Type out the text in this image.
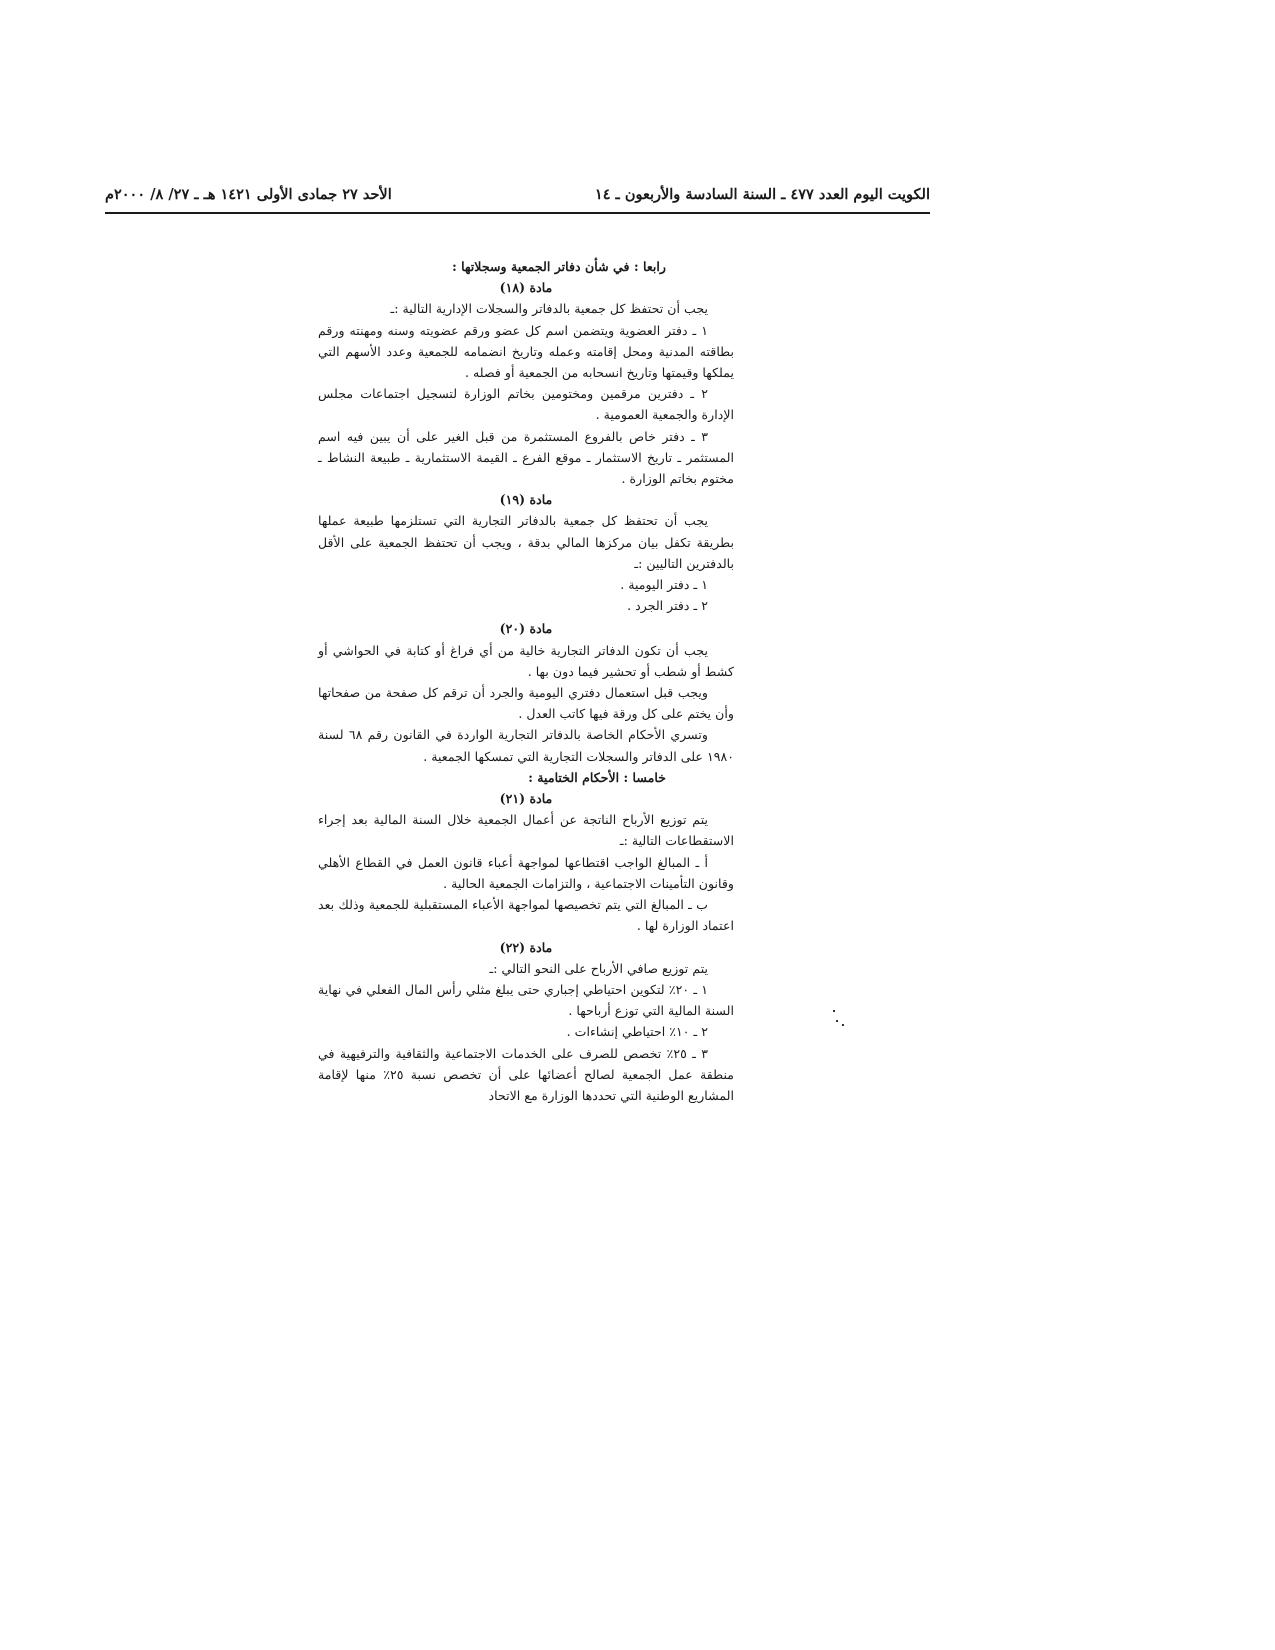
الكويت اليوم العدد ٤٧٧ ـ السنة السادسة والأربعون ـ ١٤
الأحد ٢٧ جمادى الأولى ١٤٢١ هـ ـ ٢٧/ ٨/ ٢٠٠٠م

رابعا : في شأن دفاتر الجمعية وسجلاتها :

مادة (١٨)

يجب أن تحتفظ كل جمعية بالدفاتر والسجلات الإدارية التالية :ـ

١ ـ دفتر العضوية ويتضمن اسم كل عضو ورقم عضويته وسنه ومهنته ورقم بطاقته المدنية ومحل إقامته وعمله وتاريخ انضمامه للجمعية وعدد الأسهم التي يملكها وقيمتها وتاريخ انسحابه من الجمعية أو فصله .

٢ ـ دفترين مرقمين ومختومين بخاتم الوزارة لتسجيل اجتماعات مجلس الإدارة والجمعية العمومية .

٣ ـ دفتر خاص بالفروع المستثمرة من قبل الغير على أن يبين فيه اسم المستثمر ـ تاريخ الاستثمار ـ موقع الفرع ـ القيمة الاستثمارية ـ طبيعة النشاط ـ مختوم بخاتم الوزارة .

مادة (١٩)

يجب أن تحتفظ كل جمعية بالدفاتر التجارية التي تستلزمها طبيعة عملها بطريقة تكفل بيان مركزها المالي بدقة ، ويجب أن تحتفظ الجمعية على الأقل بالدفترين التاليين :ـ

١ ـ دفتر اليومية .

٢ ـ دفتر الجرد .

مادة (٢٠)

يجب أن تكون الدفاتر التجارية خالية من أي فراغ أو كتابة في الحواشي أو كشط أو شطب أو تحشير فيما دون بها .

ويجب قبل استعمال دفتري اليومية والجرد أن ترقم كل صفحة من صفحاتها وأن يختم على كل ورقة فيها كاتب العدل .

وتسري الأحكام الخاصة بالدفاتر التجارية الواردة في القانون رقم ٦٨ لسنة ١٩٨٠ على الدفاتر والسجلات التجارية التي تمسكها الجمعية .

خامسا : الأحكام الختامية :

مادة (٢١)

يتم توزيع الأرباح الناتجة عن أعمال الجمعية خلال السنة المالية بعد إجراء الاستقطاعات التالية :ـ

أ ـ المبالغ الواجب اقتطاعها لمواجهة أعباء قانون العمل في القطاع الأهلي وقانون التأمينات الاجتماعية ، والتزامات الجمعية الحالية .

ب ـ المبالغ التي يتم تخصيصها لمواجهة الأعباء المستقبلية للجمعية وذلك بعد اعتماد الوزارة لها .

مادة (٢٢)

يتم توزيع صافي الأرباح على النحو التالي :ـ

١ ـ ٢٠٪ لتكوين احتياطي إجباري حتى يبلغ مثلي رأس المال الفعلي في نهاية السنة المالية التي توزع أرباحها .

٢ ـ ١٠٪ احتياطي إنشاءات .

٣ ـ ٢٥٪ تخصص للصرف على الخدمات الاجتماعية والثقافية والترفيهية في منطقة عمل الجمعية لصالح أعضائها على أن تخصص نسبة ٢٥٪ منها لإقامة المشاريع الوطنية التي تحددها الوزارة مع الاتحاد
